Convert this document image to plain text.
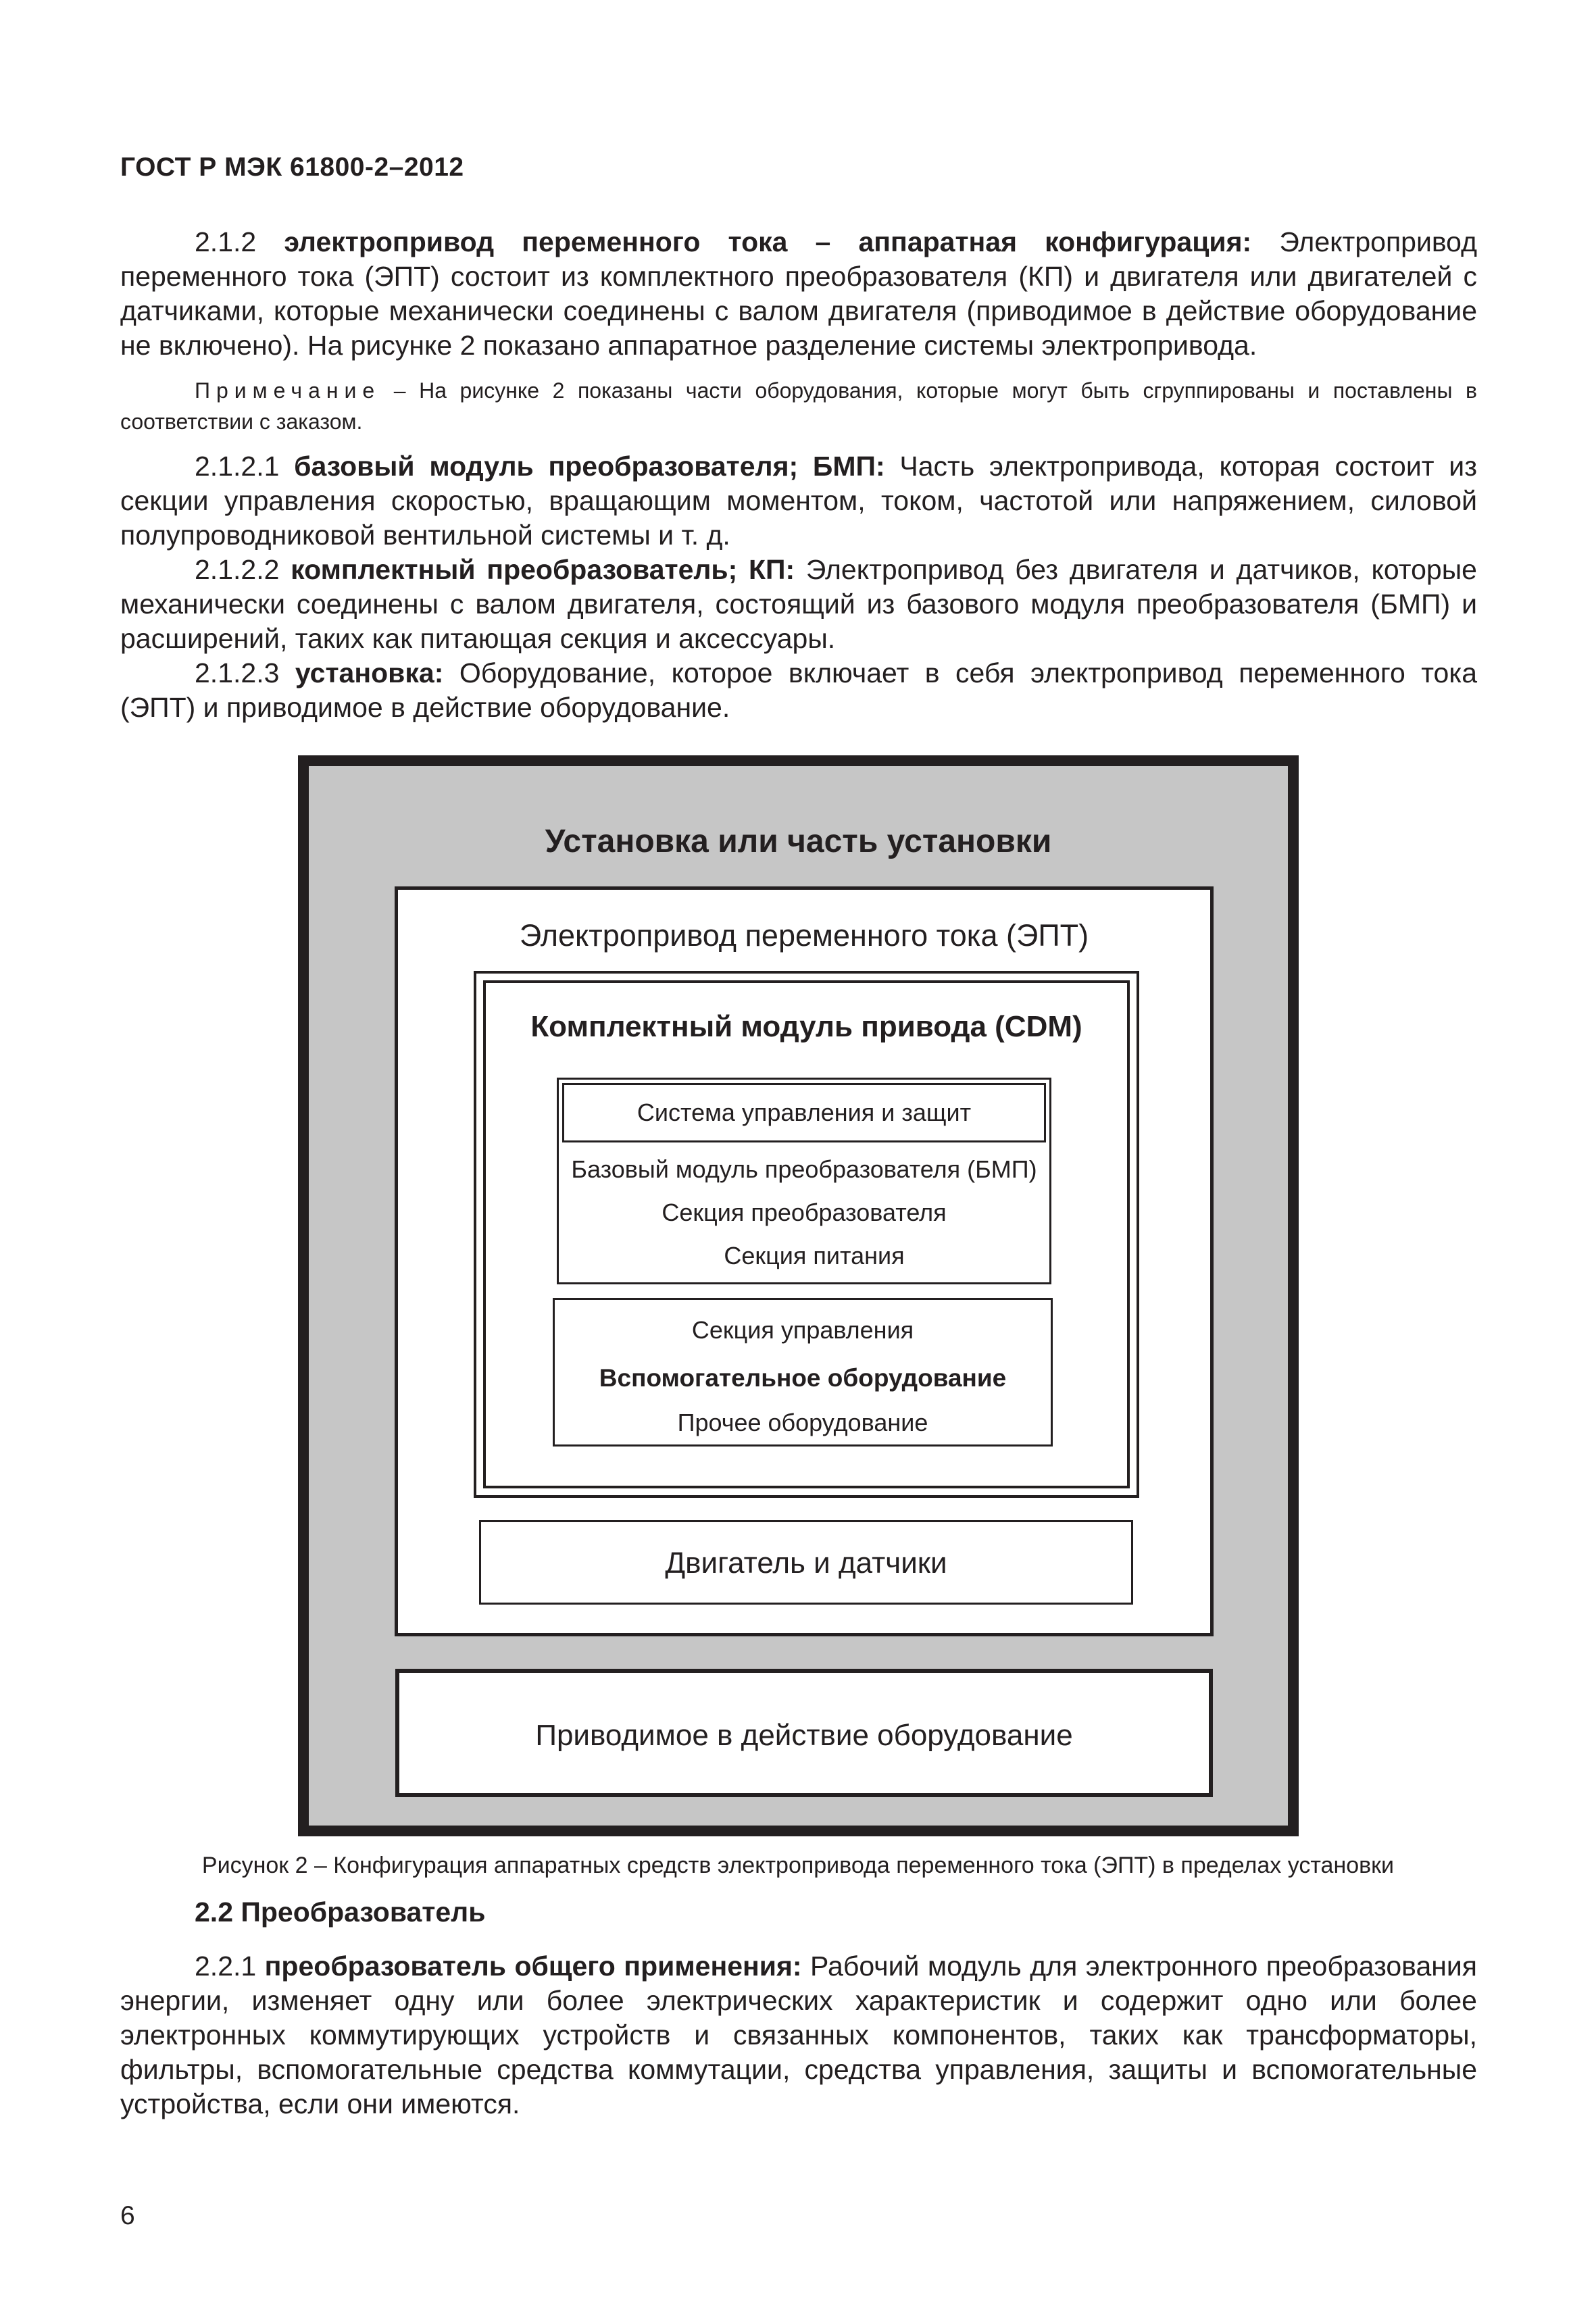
ГОСТ Р МЭК 61800-2–2012

2.1.2 электропривод переменного тока – аппаратная конфигурация: Электропривод переменного тока (ЭПТ) состоит из комплектного преобразователя (КП) и двигателя или двигателей с датчиками, которые механически соединены с валом двигателя (приводимое в действие оборудование не включено). На рисунке 2 показано аппаратное разделение системы электропривода.

Примечание – На рисунке 2 показаны части оборудования, которые могут быть сгруппированы и поставлены в соответствии с заказом.

2.1.2.1 базовый модуль преобразователя; БМП: Часть электропривода, которая состоит из секции управления скоростью, вращающим моментом, током, частотой или напряжением, силовой полупроводниковой вентильной системы и т. д.

2.1.2.2 комплектный преобразователь; КП: Электропривод без двигателя и датчиков, которые механически соединены с валом двигателя, состоящий из базового модуля преобразователя (БМП) и расширений, таких как питающая секция и аксессуары.

2.1.2.3 установка: Оборудование, которое включает в себя электропривод переменного тока (ЭПТ) и приводимое в действие оборудование.

Установка или часть установки
Электропривод переменного тока (ЭПТ)
Комплектный модуль привода (CDM)
Система управления и защит
Базовый модуль преобразователя (БМП)
Секция преобразователя
Секция питания
Секция управления
Вспомогательное оборудование
Прочее оборудование
Двигатель и датчики
Приводимое в действие оборудование
Рисунок 2 – Конфигурация аппаратных средств электропривода переменного тока (ЭПТ) в пределах установки
2.2 Преобразователь

2.2.1 преобразователь общего применения: Рабочий модуль для электронного преобразования энергии, изменяет одну или более электрических характеристик и содержит одно или более электронных коммутирующих устройств и связанных компонентов, таких как трансформаторы, фильтры, вспомогательные средства коммутации, средства управления, защиты и вспомогательные устройства, если они имеются.

6
